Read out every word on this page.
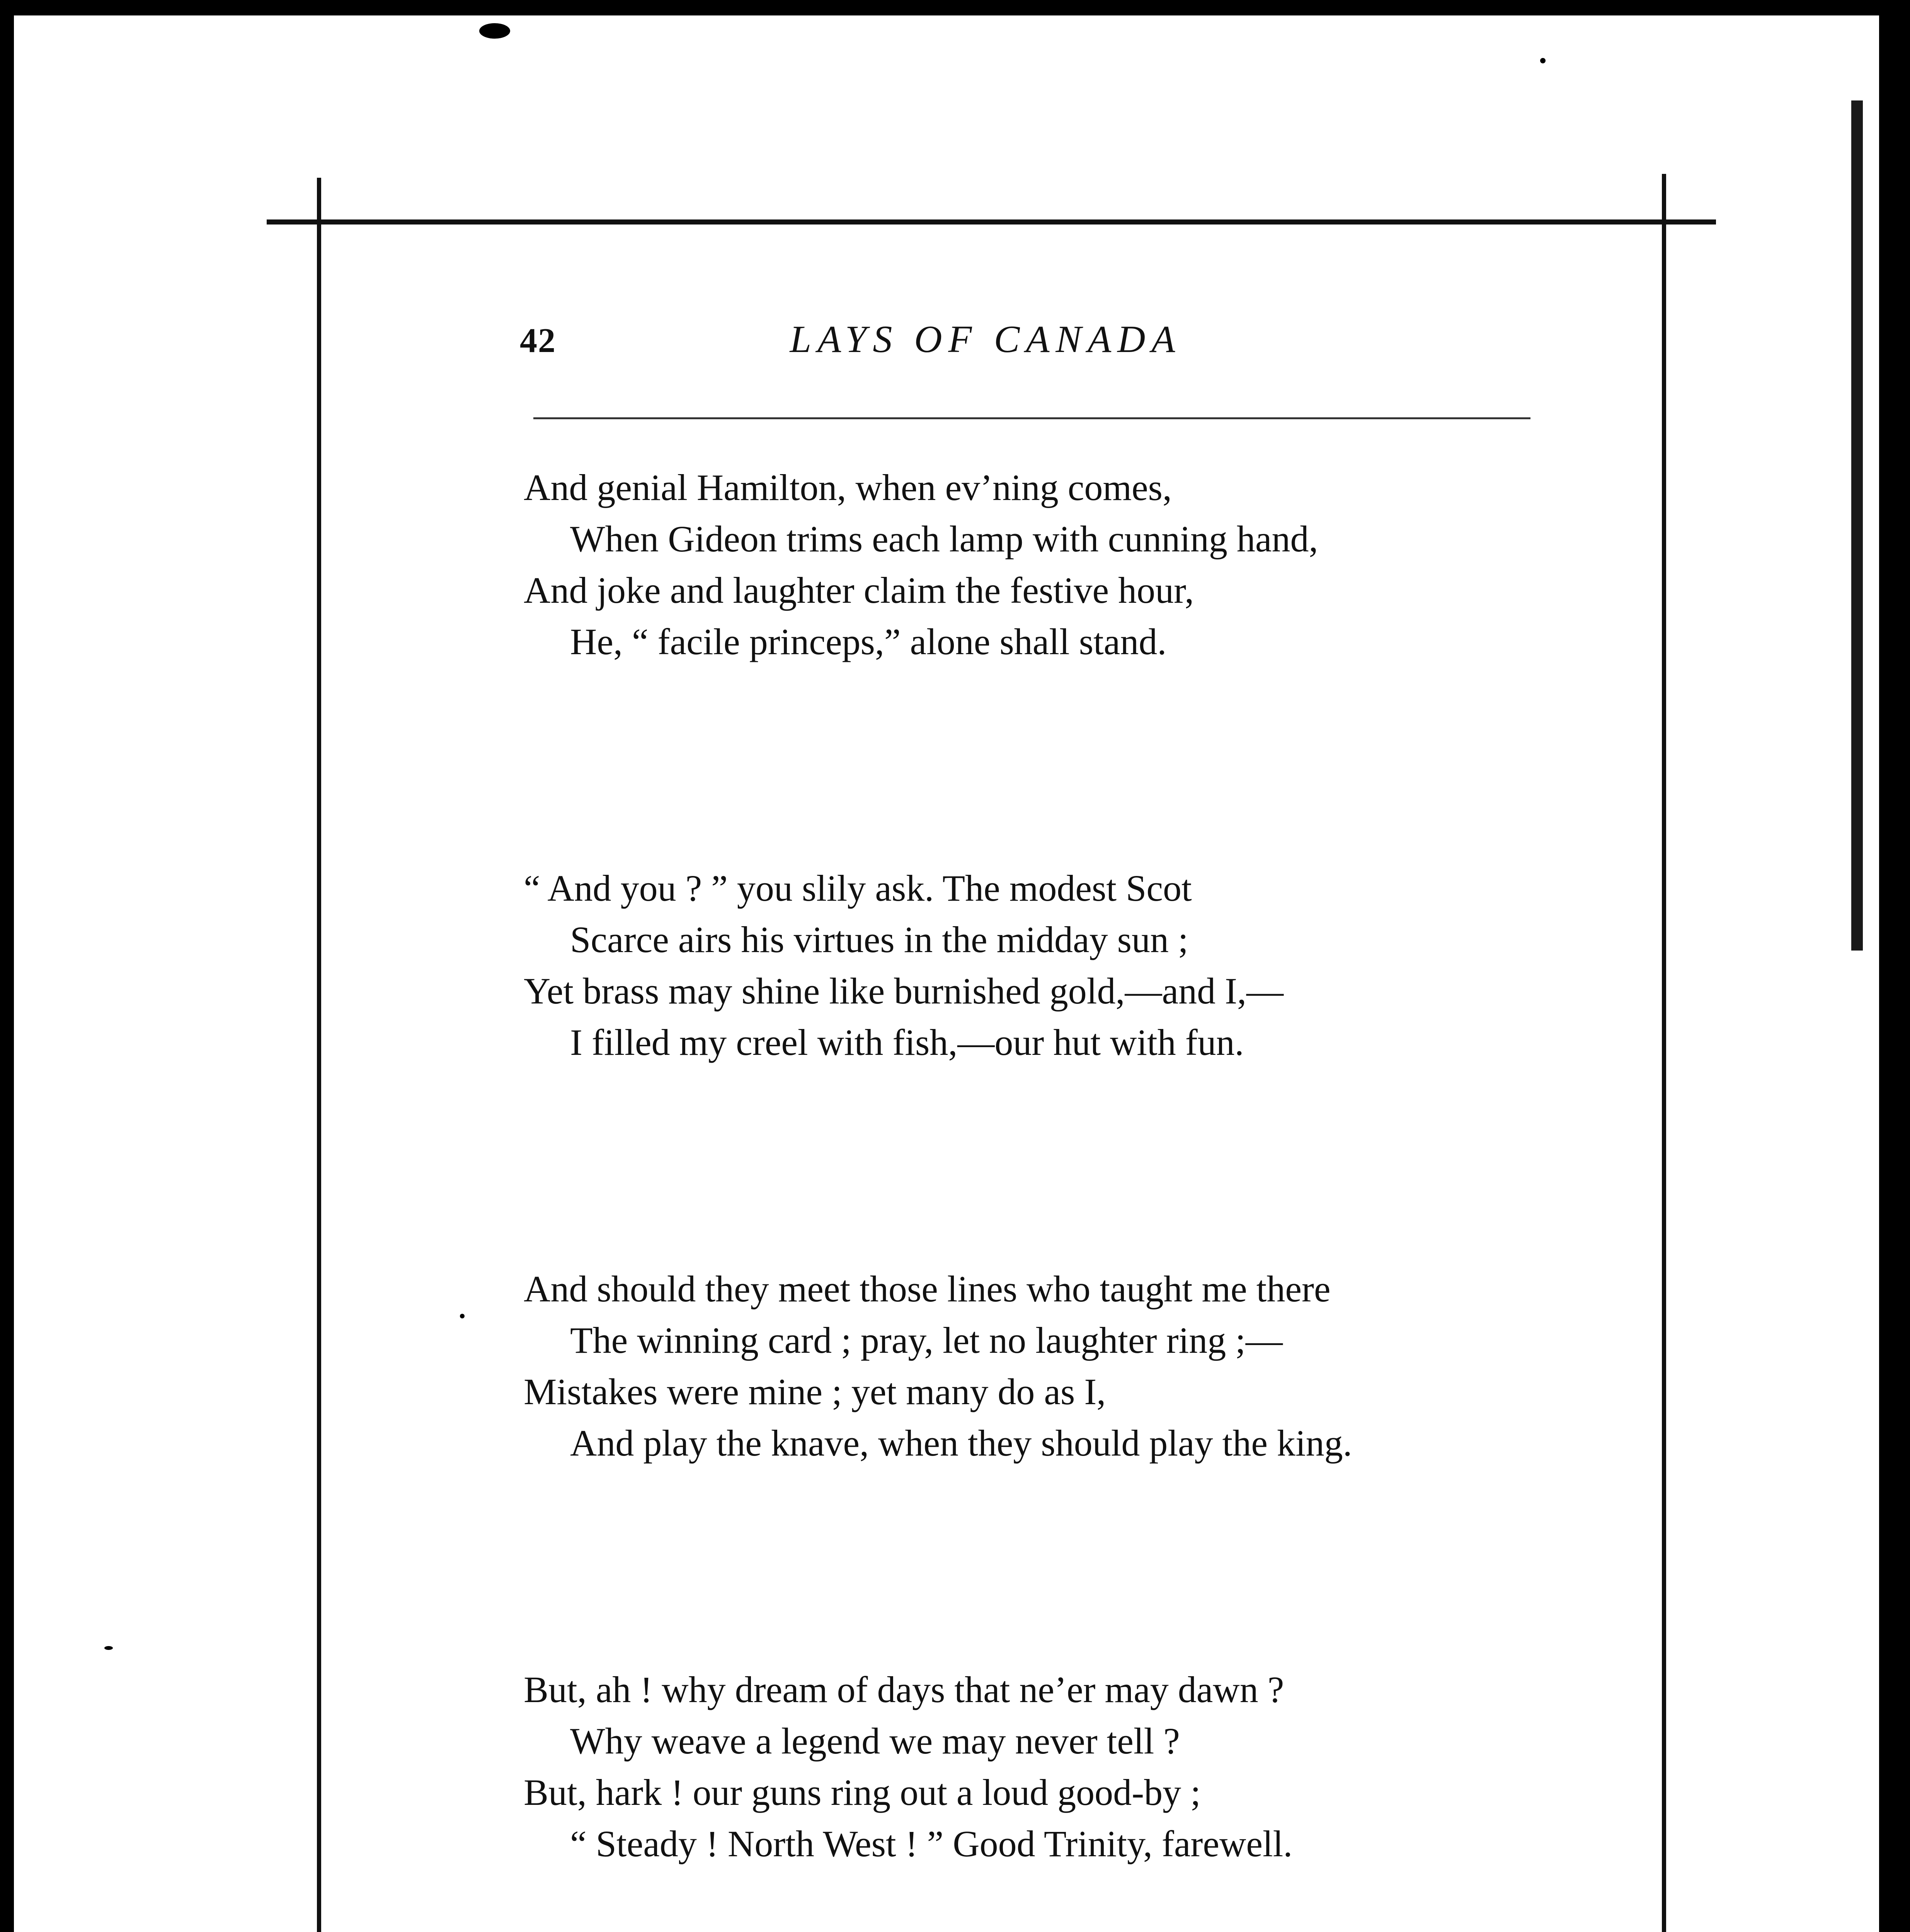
42	LAYS OF CANADA
And genial Hamilton, when ev’ning comes,
When Gideon trims each lamp with cunning hand,
And joke and laughter claim the festive hour,
He, “ facile princeps,” alone shall stand.
“ And you ? ” you slily ask. The modest Scot
Scarce airs his virtues in the midday sun ;
Yet brass may shine like burnished gold,—and I,—
I filled my creel with fish,—our hut with fun.
And should they meet those lines who taught me there
The winning card ; pray, let no laughter ring ;—
Mistakes were mine ; yet many do as I,
And play the knave, when they should play the king.
But, ah ! why dream of days that ne’er may dawn ?
Why weave a legend we may never tell ?
But, hark ! our guns ring out a loud good-by ;
“ Steady ! North West ! ” Good Trinity, farewell.
